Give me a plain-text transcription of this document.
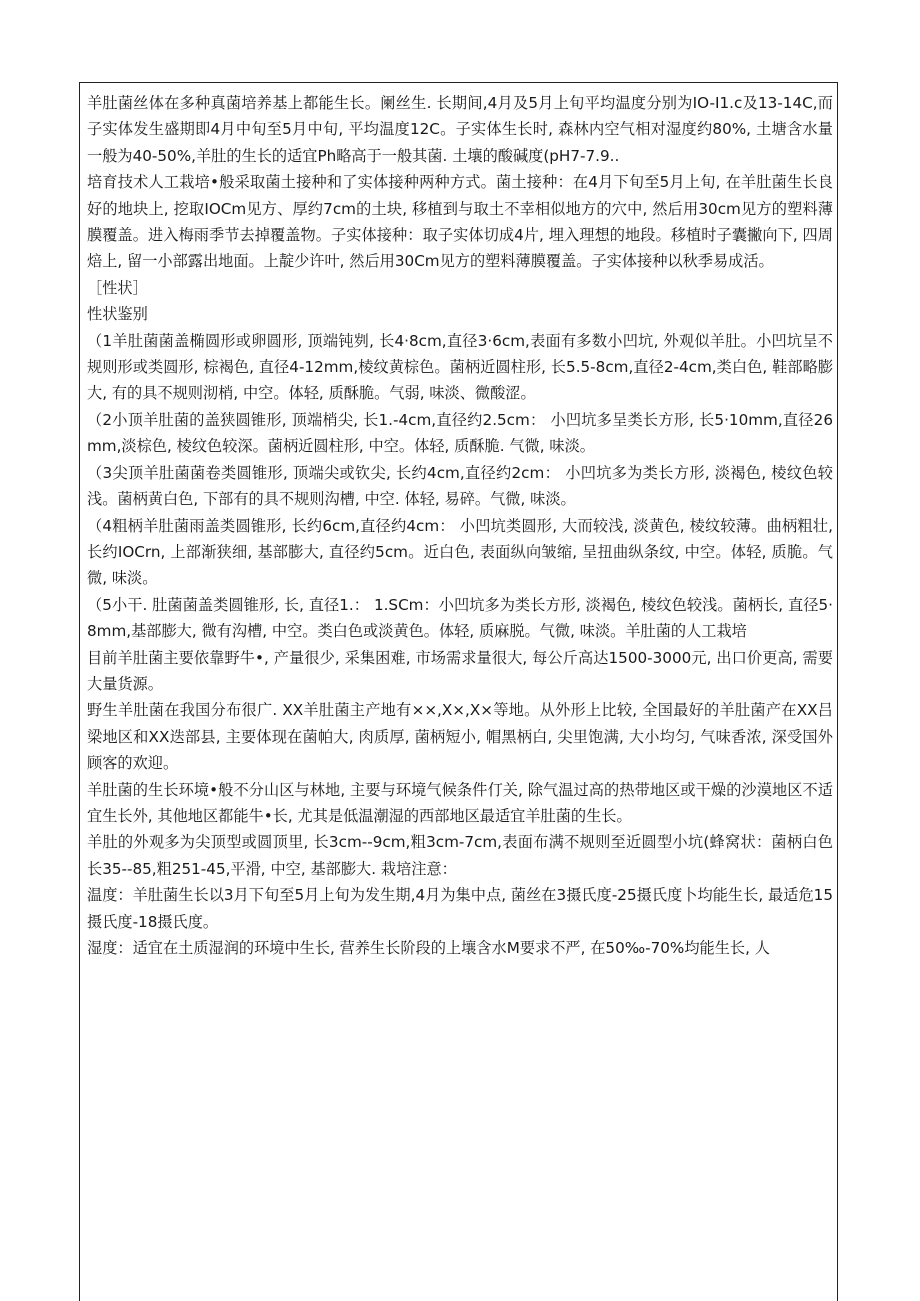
羊肚菌丝体在多种真菌培养基上都能生长。阑丝生. 长期间,4月及5月上旬平均温度分别为IO-I1.c及13-14C,而子实体发生盛期即4月中旬至5月中旬, 平均温度12C。子实体生长时, 森林内空气相对湿度约80%, 土塘含水量一般为40-50%,羊肚的生长的适宜Ph略高于一般其菌. 土壤的酸碱度(pH7-7.9..

培育技术人工栽培•般采取菌土接种和了实体接种两种方式。菌土接种：在4月下旬至5月上旬, 在羊肚菌生长良好的地块上, 挖取IOCm见方、厚约7cm的土块, 移植到与取土不幸相似地方的穴中, 然后用30cm见方的塑料薄膜覆盖。进入梅雨季节去掉覆盖物。子实体接种：取子实体切成4片, 埋入理想的地段。移植时子囊撇向下, 四周焙上, 留一小部露出地面。上靛少许叶, 然后用30Cm见方的塑料薄膜覆盖。子实体接种以秋季易成活。

［性状］

性状鉴别

（1羊肚菌菌盖椭圆形或卵圆形, 顶端钝刿, 长4·8cm,直径3·6cm,表面有多数小凹坑, 外观似羊肚。小凹坑呈不规则形或类圆形, 棕褐色, 直径4-12mm,棱纹黄棕色。菌柄近圆柱形, 长5.5-8cm,直径2-4cm,类白色, 鞋部略膨大, 有的具不规则沏梢, 中空。体轻, 质酥脆。气弱, 味淡、微酸涩。

（2小顶羊肚菌的盖狭圆锥形, 顶端梢尖, 长1.-4cm,直径约2.5cm： 小凹坑多呈类长方形, 长5·10mm,直径26mm,淡棕色, 棱纹色较深。菌柄近圆柱形, 中空。体轻, 质酥脆. 气微, 味淡。

（3尖顶羊肚菌菌卷类圆锥形, 顶端尖或钦尖, 长约4cm,直径约2cm： 小凹坑多为类长方形, 淡褐色, 棱纹色较浅。菌柄黄白色, 下部有的具不规则沟槽, 中空. 体轻, 易碎。气微, 味淡。

（4粗柄羊肚菌雨盖类圆锥形, 长约6cm,直径约4cm： 小凹坑类圆形, 大而较浅, 淡黄色, 棱纹较薄。曲柄粗壮, 长约IOCrn, 上部渐狭细, 基部膨大, 直径约5cm。近白色, 表面纵向皱缩, 呈扭曲纵条纹, 中空。体轻, 质脆。气微, 味淡。

（5小干. 肚菌菌盖类圆锥形, 长, 直径1.： 1.SCm：小凹坑多为类长方形, 淡褐色, 棱纹色较浅。菌柄长, 直径5·8mm,基部膨大, 微有沟槽, 中空。类白色或淡黄色。体轻, 质麻脱。气微, 味淡。羊肚菌的人工栽培

目前羊肚菌主要依靠野牛•, 产量很少, 采集困难, 市场需求量很大, 每公斤高达1500-3000元, 出口价更高, 需要大量货源。

野生羊肚菌在我国分布很广. XX羊肚菌主产地有××,X×,X×等地。从外形上比较, 全国最好的羊肚菌产在XX吕梁地区和XX迭部县, 主要体现在菌帕大, 肉质厚, 菌柄短小, 帽黑柄白, 尖里饱满, 大小均匀, 气味香浓, 深受国外顾客的欢迎。

羊肚菌的生长环境•般不分山区与林地, 主要与环境气候条件仃关, 除气温过高的热带地区或干燥的沙漠地区不适宜生长外, 其他地区都能牛•长, 尤其是低温潮湿的西部地区最适宜羊肚菌的生长。

羊肚的外观多为尖顶型或圆顶里, 长3cm--9cm,粗3cm-7cm,表面布满不规则至近圆型小坑(蜂窝状：菌柄白色长35--85,粗251-45,平滑, 中空, 基部膨大. 栽培注意：

温度：羊肚菌生长以3月下旬至5月上旬为发生期,4月为集中点, 菌丝在3摄氏度-25摄氏度卜均能生长, 最适危15摄氏度-18摄氏度。

湿度：适宜在土质湿润的环境中生长, 营养生长阶段的上壤含水M要求不严, 在50‰-70%均能生长, 人
